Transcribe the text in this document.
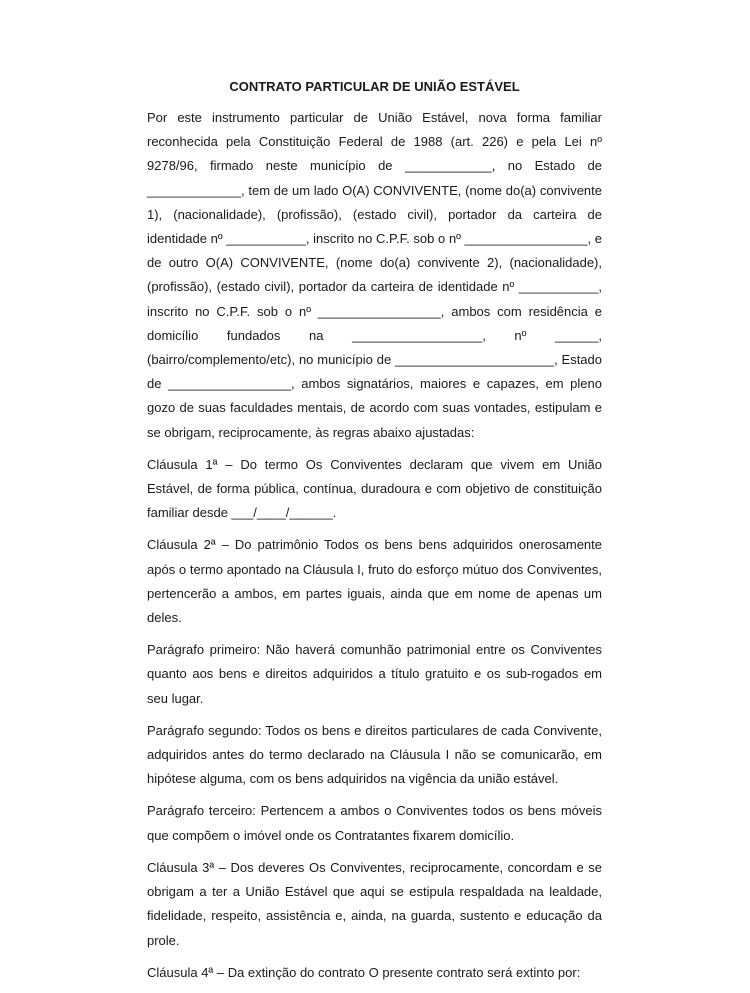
CONTRATO PARTICULAR DE UNIÃO ESTÁVEL

Por este instrumento particular de União Estável, nova forma familiar reconhecida pela Constituição Federal de 1988 (art. 226) e pela Lei nº 9278/96, firmado neste município de ____________, no Estado de _____________, tem de um lado O(A) CONVIVENTE, (nome do(a) convivente 1), (nacionalidade), (profissão), (estado civil), portador da carteira de identidade nº ___________, inscrito no C.P.F. sob o nº _________________, e de outro O(A) CONVIVENTE, (nome do(a) convivente 2), (nacionalidade), (profissão), (estado civil), portador da carteira de identidade nº ___________, inscrito no C.P.F. sob o nº _________________, ambos com residência e domicílio fundados na __________________, nº ______, (bairro/complemento/etc), no município de ______________________, Estado de _________________, ambos signatários, maiores e capazes, em pleno gozo de suas faculdades mentais, de acordo com suas vontades, estipulam e se obrigam, reciprocamente, às regras abaixo ajustadas:

Cláusula 1ª – Do termo Os Conviventes declaram que vivem em União Estável, de forma pública, contínua, duradoura e com objetivo de constituição familiar desde ___/____/______.

Cláusula 2ª – Do patrimônio Todos os bens bens adquiridos onerosamente após o termo apontado na Cláusula I, fruto do esforço mútuo dos Conviventes, pertencerão a ambos, em partes iguais, ainda que em nome de apenas um deles.

Parágrafo primeiro: Não haverá comunhão patrimonial entre os Conviventes quanto aos bens e direitos adquiridos a título gratuito e os sub-rogados em seu lugar.

Parágrafo segundo: Todos os bens e direitos particulares de cada Convivente, adquiridos antes do termo declarado na Cláusula I não se comunicarão, em hipótese alguma, com os bens adquiridos na vigência da união estável.

Parágrafo terceiro: Pertencem a ambos o Conviventes todos os bens móveis que compõem o imóvel onde os Contratantes fixarem domicílio.

Cláusula 3ª – Dos deveres Os Conviventes, reciprocamente, concordam e se obrigam a ter a União Estável que aqui se estipula respaldada na lealdade, fidelidade, respeito, assistência e, ainda, na guarda, sustento e educação da prole.

Cláusula 4ª – Da extinção do contrato O presente contrato será extinto por:
